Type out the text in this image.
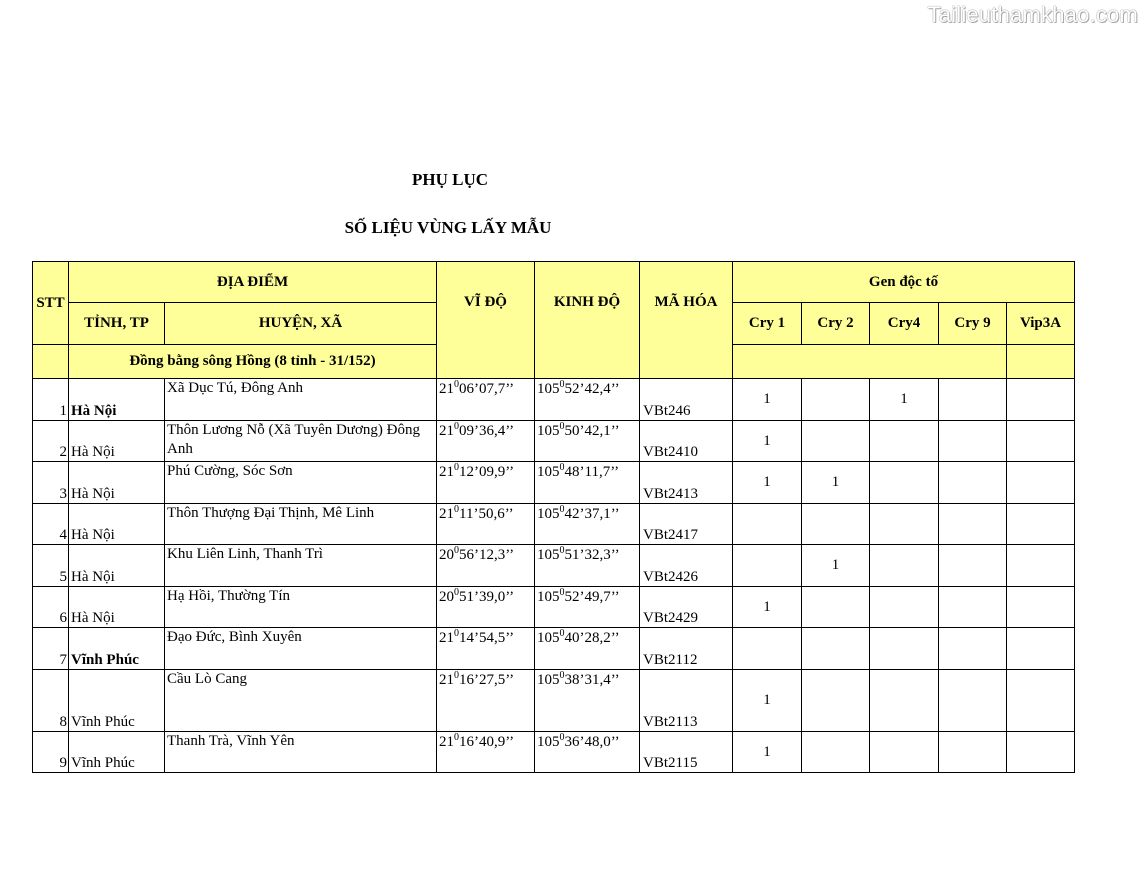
Tailieuthamkhao.com
PHỤ LỤC
SỐ LIỆU VÙNG LẤY MẪU
STT	ĐỊA ĐIỂM		VĨ ĐỘ	KINH ĐỘ	MÃ HÓA	Gen độc tố				
	TỈNH, TP	HUYỆN, XÃ				Cry 1	Cry 2	Cry4	Cry 9	Vip3A
	Đồng bằng sông Hồng (8 tỉnh - 31/152)									
1	Hà Nội	Xã Dục Tú, Đông Anh	$21^006’07,7$’’	$105^052’42,4$’’	VBt246	1		1		
2	Hà Nội	Thôn Lương Nỗ (Xã Tuyên Dương) Đông Anh	$21^009’36,4$’’	$105^050’42,1$’’	VBt2410	1				
3	Hà Nội	Phú Cường, Sóc Sơn	$21^012’09,9$’’	$105^048’11,7$’’	VBt2413	1	1			
4	Hà Nội	Thôn Thượng Đại Thịnh, Mê Linh	$21^011’50,6$’’	$105^042’37,1$’’	VBt2417					
5	Hà Nội	Khu Liên Linh, Thanh Trì	$20^056’12,3$’’	$105^051’32,3$’’	VBt2426		1			
6	Hà Nội	Hạ Hồi, Thường Tín	$20^051’39,0$’’	$105^052’49,7$’’	VBt2429	1				
7	Vĩnh Phúc	Đạo Đức, Bình Xuyên	$21^014’54,5$’’	$105^040’28,2$’’	VBt2112					
8	Vĩnh Phúc	Cầu Lò Cang	$21^016’27,5$’’	$105^038’31,4$’’	VBt2113	1				
9	Vĩnh Phúc	Thanh Trà, Vĩnh Yên	$21^016’40,9$’’	$105^036’48,0$’’	VBt2115	1				
